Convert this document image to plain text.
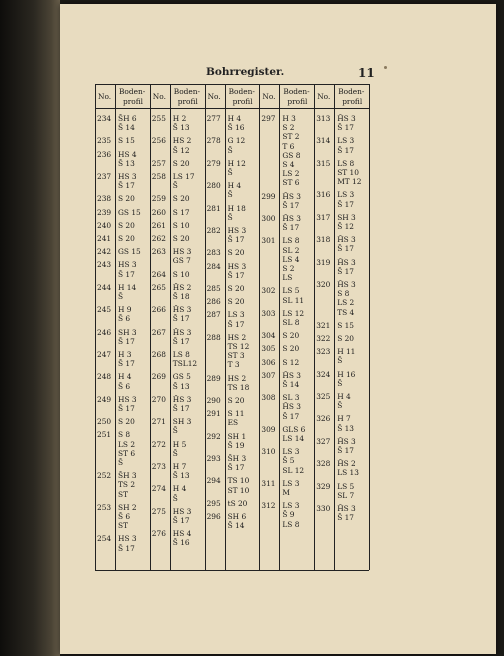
Bohrregister.	11
No.
Boden-
profil
234 S̄H 6
S̄ 14
235 S 15
236 HS 4
S̄ 13
237 HS 3
S̄ 17
238 S 20
239 GS 15
240 S 20
241 S 20
242 GS 15
243 HS 3
S̄ 17
244 H 14
S̄
245 H 9
S̄ 6
246 SH 3
S̄ 17
247 H 3
S̄ 17
248 H 4
S̄ 6
249 HS 3
S̄ 17
250 S 20
251 S 8
LS 2
ST 6
S̄
252 S̄H 3
TS 2
ST
253 SH 2
S̄ 6
ST
254 HS 3
S̄ 17
No.
Boden-
profil
255 H 2
S̄ 13
256 HS 2
S̄ 12
257 S 20
258 LS 17
S̄
259 S 20
260 S 17
261 S 10
262 S 20
263 HS 3
GS 7
264 S 10
265 H̄S 2
S̄ 18
266 H̄S 3
S̄ 17
267 H̄S 3
S̄ 17
268 LS 8
TSL12
269 GS 5
S̄ 13
270 H̄S 3
S̄ 17
271 SH 3
S̄
272 H 5
S̄
273 H 7
S̄ 13
274 H 4
S̄
275 HS 3
S̄ 17
276 HS 4
S̄ 16
No.
Boden-
profil
277 H 4
S̄ 16
278 G 12
S̄
279 H 12
S̄
280 H 4
S̄
281 H 18
S̄
282 HS 3
S̄ 17
283 S 20
284 HS 3
S̄ 17
285 S 20
286 S 20
287 LS 3
S̄ 17
288 HS 2
TS 12
ST 3
T 3
289 HS 2
TS 18
290 S 20
291 S 11
ES
292 SH 1
S̄ 19
293 S̄H 3
S̄ 17
294 TS 10
ST 10
295 tS 20
296 SH 6
S̄ 14
No.
Boden-
profil
297 H 3
S 2
ST 2
T 6
GS 8
S 4
LS 2
ST 6
299 H̄S 3
S̄ 17
300 H̄S 3
S̄ 17
301 LS 8
SL 2
LS 4
S 2
LS
302 LS 5
SL 11
303 LS 12
SL 8
304 S 20
305 S 20
306 S 12
307 H̄S 3
S̄ 14
308 SL 3
H̄S 3
S̄ 17
309 GLS 6
LS 14
310 LS 3
S̄ 5
SL 12
311 LS 3
M
312 LS 3
S̄ 9
LS 8
No.
Boden-
profil
313 H̄S 3
S̄ 17
314 LS 3
S̄ 17
315 LS 8
ST 10
MT 12
316 LS 3
S̄ 17
317 SH 3
S̄ 12
318 H̄S 3
S̄ 17
319 H̄S 3
S̄ 17
320 H̄S 3
S 8
LS 2
TS 4
321 S 15
322 S 20
323 H 11
S̄
324 H 16
S̄
325 H 4
S̄
326 H 7
S̄ 13
327 H̄S 3
S̄ 17
328 H̄S 2
LS 13
329 LS 5
SL 7
330 H̄S 3
S̄ 17
